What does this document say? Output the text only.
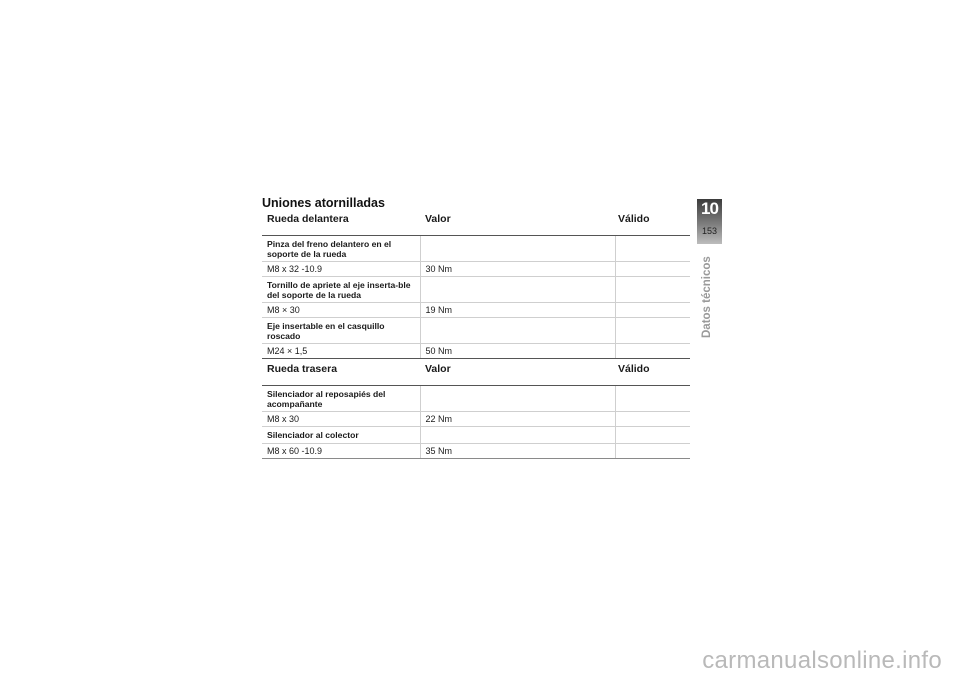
Uniones atornilladas
Rueda delantera	Valor	Válido
Pinza del freno delantero en el soporte de la rueda		
M8 x 32 -10.9	30 Nm	
Tornillo de apriete al eje inserta-ble del soporte de la rueda		
M8 × 30	19 Nm	
Eje insertable en el casquillo roscado		
M24 × 1,5	50 Nm	
Rueda trasera	Valor	Válido
Silenciador al reposapiés del acompañante		
M8 x 30	22 Nm	
Silenciador al colector		
M8 x 60 -10.9	35 Nm	
10
153
Datos técnicos
carmanualsonline.info
